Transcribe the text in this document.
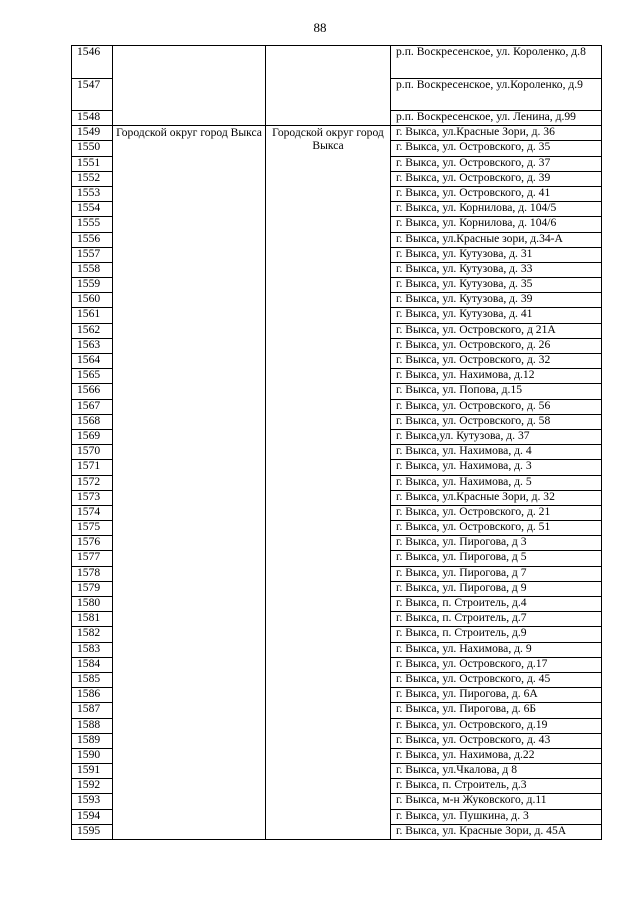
88
1546			р.п. Воскресенское, ул. Короленко, д.8
1547			р.п. Воскресенское, ул.Короленко, д.9
1548			р.п. Воскресенское, ул. Ленина, д.99
1549	Городской округ город Выкса	Городской округ город Выкса	г. Выкса, ул.Красные Зори, д. 36
1550			г. Выкса, ул. Островского, д. 35
1551			г. Выкса, ул. Островского, д. 37
1552			г. Выкса, ул. Островского, д. 39
1553			г. Выкса, ул. Островского, д. 41
1554			г. Выкса, ул. Корнилова, д. 104/5
1555			г. Выкса, ул. Корнилова, д. 104/6
1556			г. Выкса, ул.Красные зори, д.34-А
1557			г. Выкса, ул. Кутузова, д. 31
1558			г. Выкса, ул. Кутузова, д. 33
1559			г. Выкса, ул. Кутузова, д. 35
1560			г. Выкса, ул. Кутузова, д. 39
1561			г. Выкса, ул. Кутузова, д. 41
1562			г. Выкса, ул. Островского, д 21А
1563			г. Выкса, ул. Островского, д. 26
1564			г. Выкса, ул. Островского, д. 32
1565			г. Выкса, ул. Нахимова, д.12
1566			г. Выкса, ул. Попова, д.15
1567			г. Выкса, ул. Островского, д. 56
1568			г. Выкса, ул. Островского, д. 58
1569			г. Выкса,ул. Кутузова, д. 37
1570			г. Выкса, ул. Нахимова, д. 4
1571			г. Выкса, ул. Нахимова, д. 3
1572			г. Выкса, ул. Нахимова, д. 5
1573			г. Выкса, ул.Красные Зори, д. 32
1574			г. Выкса, ул. Островского, д. 21
1575			г. Выкса, ул. Островского, д. 51
1576			г. Выкса, ул. Пирогова, д 3
1577			г. Выкса, ул. Пирогова, д 5
1578			г. Выкса, ул. Пирогова, д 7
1579			г. Выкса, ул. Пирогова, д 9
1580			г. Выкса, п. Строитель, д.4
1581			г. Выкса, п. Строитель, д.7
1582			г. Выкса, п. Строитель, д.9
1583			г. Выкса, ул. Нахимова, д. 9
1584			г. Выкса, ул. Островского, д.17
1585			г. Выкса, ул. Островского, д. 45
1586			г. Выкса, ул. Пирогова, д. 6А
1587			г. Выкса, ул. Пирогова, д. 6Б
1588			г. Выкса, ул. Островского, д.19
1589			г. Выкса, ул. Островского, д. 43
1590			г. Выкса, ул. Нахимова, д.22
1591			г. Выкса, ул.Чкалова, д 8
1592			г. Выкса, п. Строитель, д.3
1593			г. Выкса, м-н Жуковского, д.11
1594			г. Выкса, ул. Пушкина, д. 3
1595			г. Выкса, ул. Красные Зори, д. 45А
